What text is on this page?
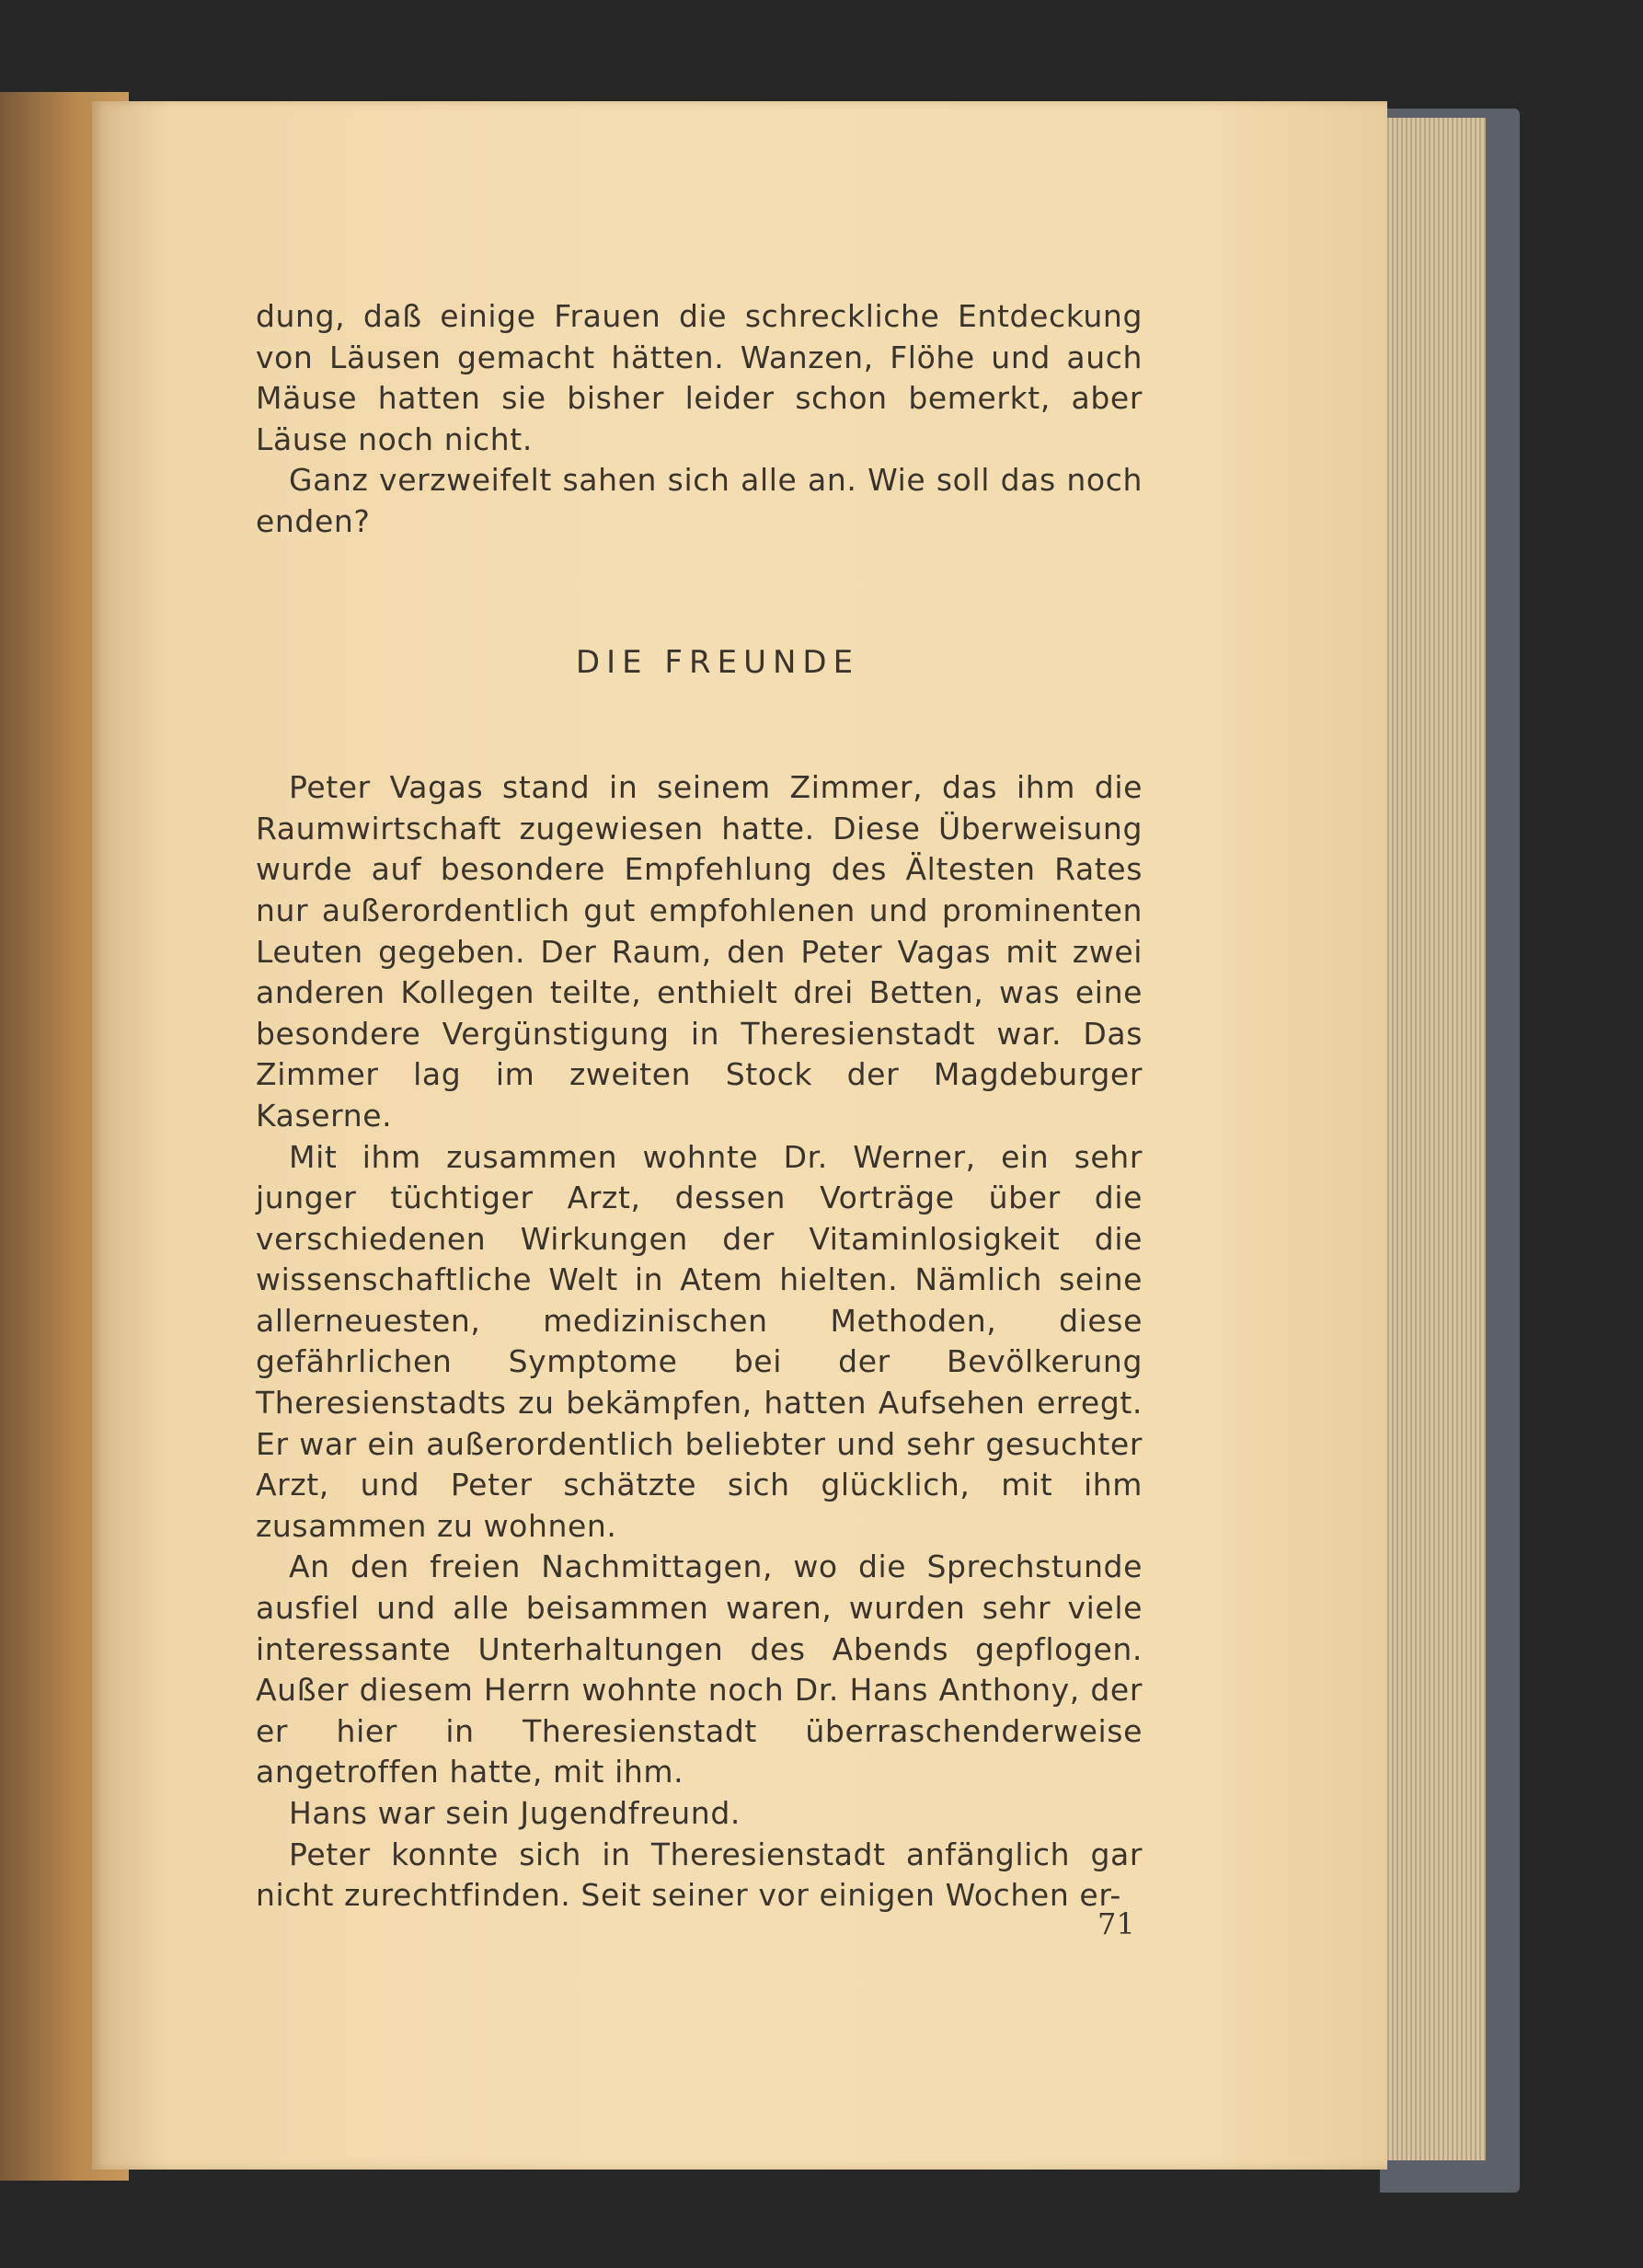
dung, daß einige Frauen die schreckliche Entdeckung von Läusen gemacht hätten. Wanzen, Flöhe und auch Mäuse hatten sie bisher leider schon bemerkt, aber Läuse noch nicht.

Ganz verzweifelt sahen sich alle an. Wie soll das noch enden?

DIE FREUNDE

Peter Vagas stand in seinem Zimmer, das ihm die Raumwirtschaft zugewiesen hatte. Diese Überweisung wurde auf besondere Empfehlung des Ältesten Rates nur außerordentlich gut empfohlenen und prominenten Leuten gegeben. Der Raum, den Peter Vagas mit zwei anderen Kollegen teilte, enthielt drei Betten, was eine besondere Vergünstigung in Theresienstadt war. Das Zimmer lag im zweiten Stock der Magdeburger Kaserne.

Mit ihm zusammen wohnte Dr. Werner, ein sehr junger tüchtiger Arzt, dessen Vorträge über die verschiedenen Wirkungen der Vitaminlosigkeit die wissenschaftliche Welt in Atem hielten. Nämlich seine allerneuesten, medizinischen Methoden, diese gefährlichen Symptome bei der Bevölkerung Theresienstadts zu bekämpfen, hatten Aufsehen erregt. Er war ein außerordentlich beliebter und sehr gesuchter Arzt, und Peter schätzte sich glücklich, mit ihm zusammen zu wohnen.

An den freien Nachmittagen, wo die Sprechstunde ausfiel und alle beisammen waren, wurden sehr viele interessante Unterhaltungen des Abends gepflogen. Außer diesem Herrn wohnte noch Dr. Hans Anthony, der er hier in Theresienstadt überraschenderweise angetroffen hatte, mit ihm.

Hans war sein Jugendfreund.

Peter konnte sich in Theresienstadt anfänglich gar nicht zurechtfinden. Seit seiner vor einigen Wochen er-

71
